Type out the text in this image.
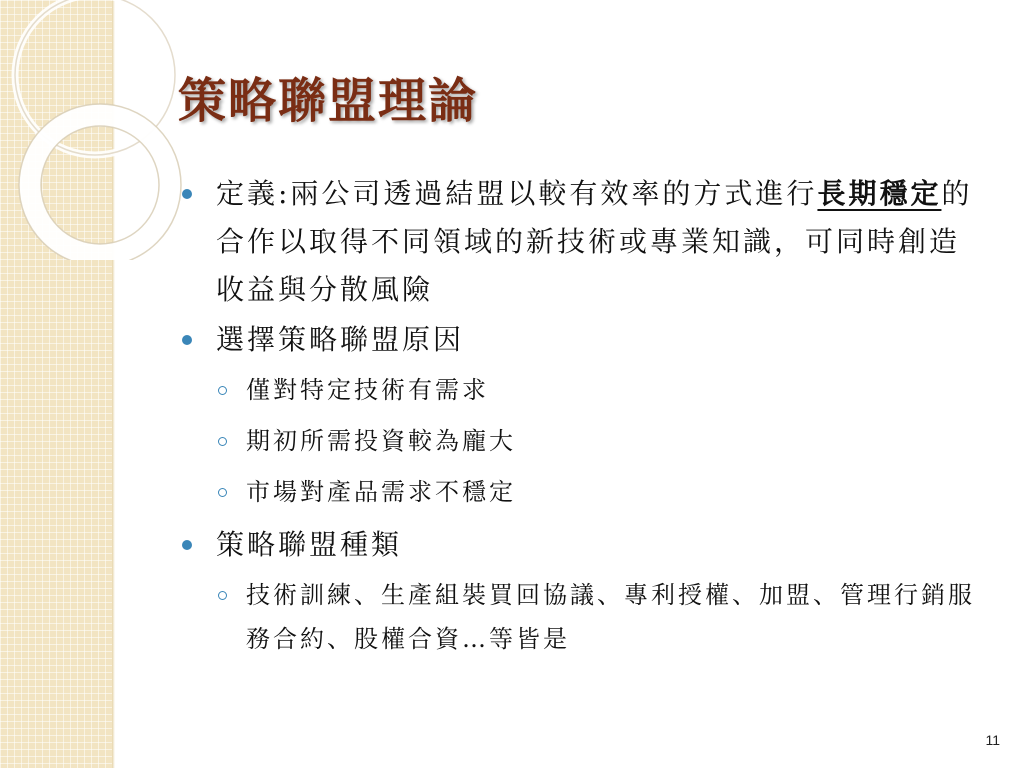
策略聯盟理論
定義:兩公司透過結盟以較有效率的方式進行長期穩定的合作以取得不同領域的新技術或專業知識，可同時創造收益與分散風險
選擇策略聯盟原因
僅對特定技術有需求
期初所需投資較為龐大
市場對產品需求不穩定
策略聯盟種類
技術訓練、生產組裝買回協議、專利授權、加盟、管理行銷服務合約、股權合資…等皆是
11
